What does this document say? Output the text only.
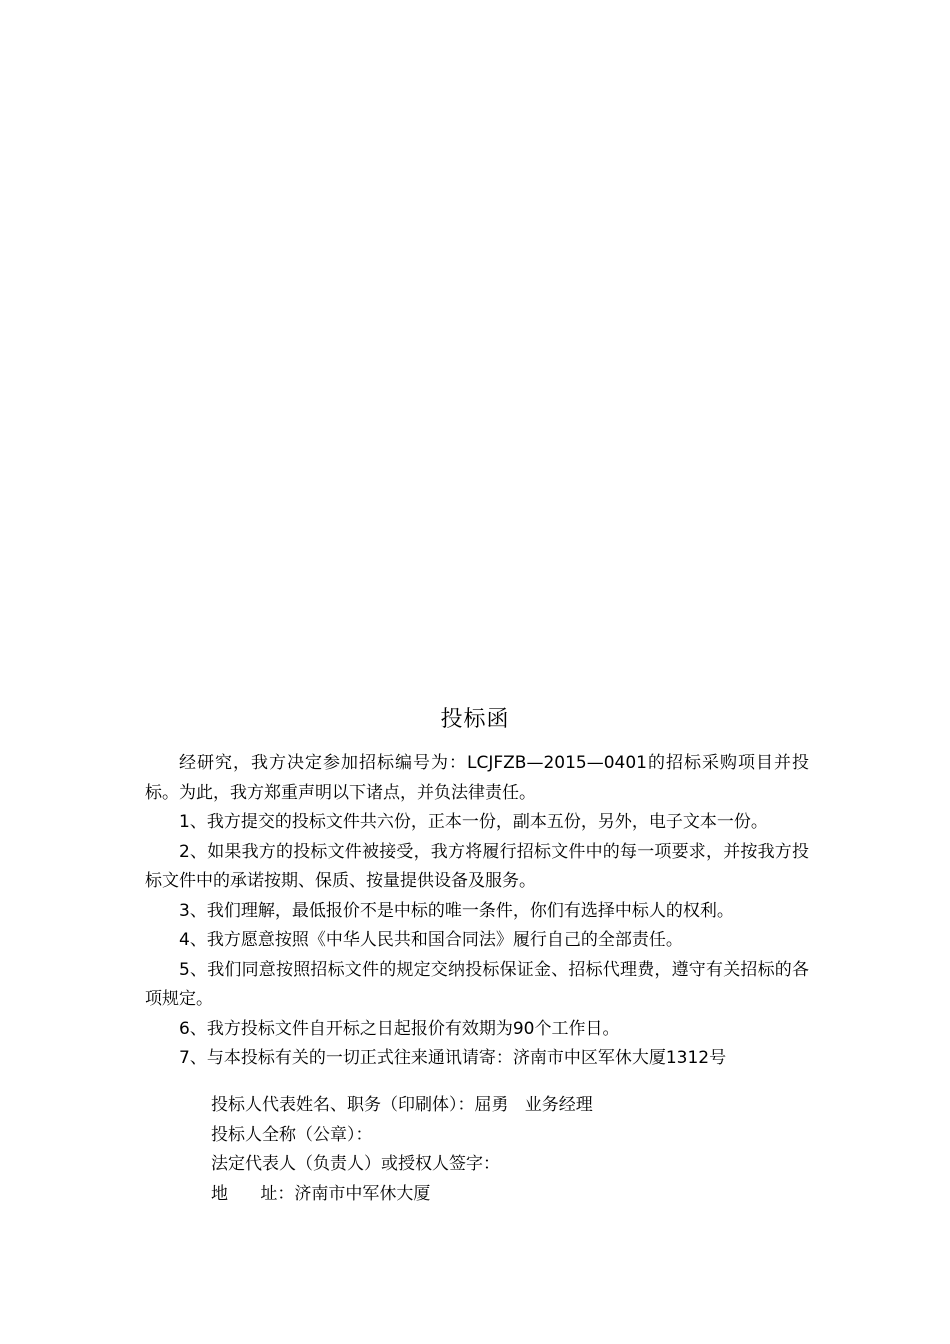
投标函

经研究，我方决定参加招标编号为：LCJFZB—2015—0401的招标采购项目并投标。为此，我方郑重声明以下诸点，并负法律责任。

1、我方提交的投标文件共六份，正本一份，副本五份，另外，电子文本一份。

2、如果我方的投标文件被接受，我方将履行招标文件中的每一项要求，并按我方投标文件中的承诺按期、保质、按量提供设备及服务。

3、我们理解，最低报价不是中标的唯一条件，你们有选择中标人的权利。

4、我方愿意按照《中华人民共和国合同法》履行自己的全部责任。

5、我们同意按照招标文件的规定交纳投标保证金、招标代理费，遵守有关招标的各项规定。

6、我方投标文件自开标之日起报价有效期为90个工作日。

7、与本投标有关的一切正式往来通讯请寄：济南市中区军休大厦1312号

投标人代表姓名、职务（印刷体）：屈勇   业务经理

投标人全称（公章）：

法定代表人（负责人）或授权人签字：

地      址：济南市中军休大厦
